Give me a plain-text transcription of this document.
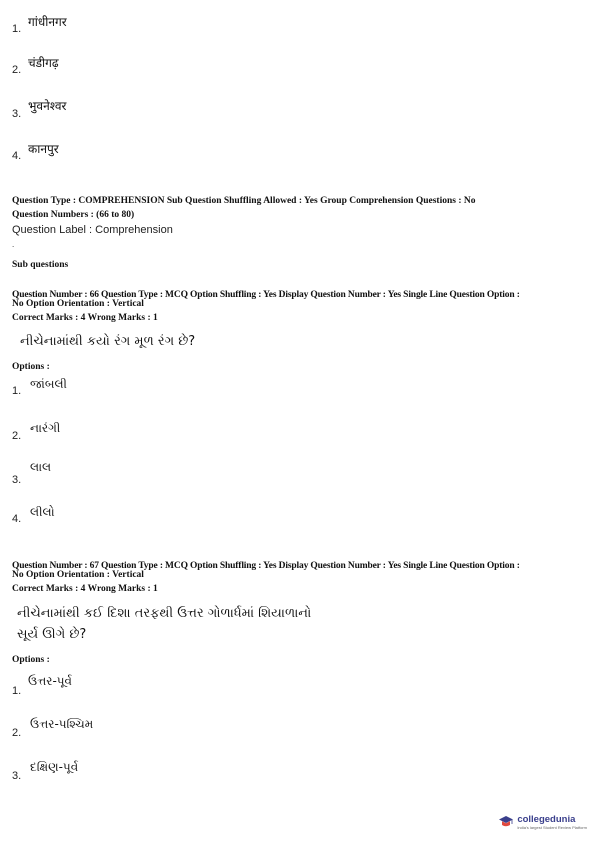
1. गांधीनगर
2. चंडीगढ़
3.
भुवनेश्वर
4. कानपुर
Question Type : COMPREHENSION Sub Question Shuffling Allowed : Yes Group Comprehension Questions : No
Question Numbers : (66 to 80)
Question Label : Comprehension
.
Sub questions
Question Number : 66 Question Type : MCQ Option Shuffling : Yes Display Question Number : Yes Single Line Question Option :
No Option Orientation : Vertical
Correct Marks : 4 Wrong Marks : 1
નીચેનામાંથી કયો રંગ મૂળ રંગ છે?
Options :
1. જાંબલી
2.
નારંગી
3.
લાલ
4. લીલો
Question Number : 67 Question Type : MCQ Option Shuffling : Yes Display Question Number : Yes Single Line Question Option :
No Option Orientation : Vertical
Correct Marks : 4 Wrong Marks : 1
નીચેનામાંથી કઈ દિશા તરફથી ઉત્તર ગોળાર્ધમાં શિયાળાનો
સૂર્ય ઊગે છે?
Options :
1.
ઉત્તર-પૂર્વ
2.
ઉત્તર-પશ્ચિમ
3.
દક્ષિણ-પૂર્વ
collegedunia
India's largest Student Review Platform
